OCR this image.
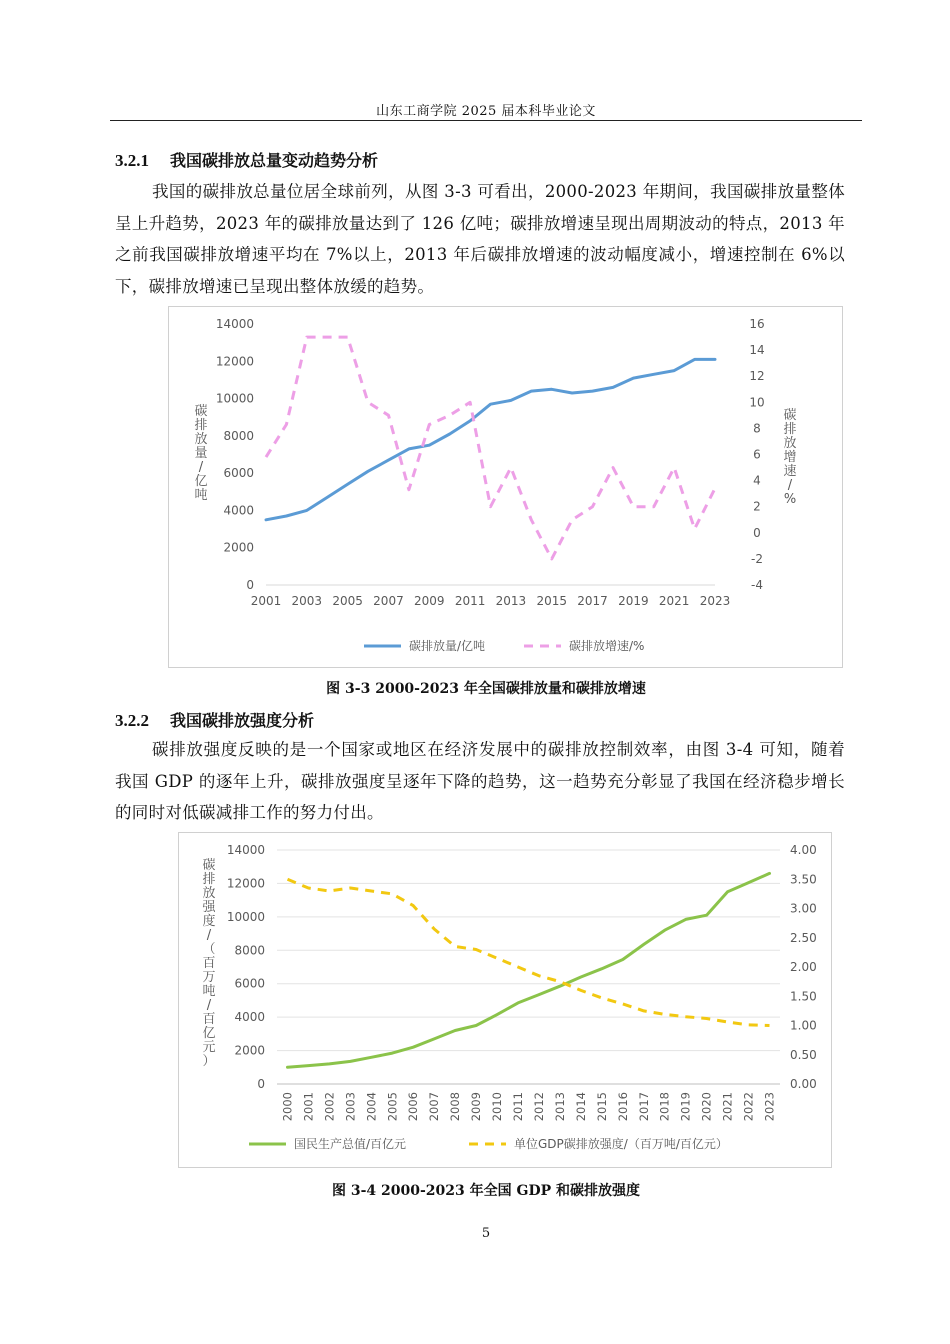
山东工商学院 2025 届本科毕业论文
3.2.1 我国碳排放总量变动趋势分析
我国的碳排放总量位居全球前列，从图 3-3 可看出，2000-2023 年期间，我国碳排放量整体呈上升趋势，2023 年的碳排放量达到了 126 亿吨；碳排放增速呈现出周期波动的特点，2013 年之前我国碳排放增速平均在 7%以上，2013 年后碳排放增速的波动幅度减小，增速控制在 6%以下，碳排放增速已呈现出整体放缓的趋势。
0
2000
4000
6000
8000
10000
12000
14000
-4
-2
0
2
4
6
8
10
12
14
16
2001 2003 2005 2007 2009 2011 2013 2015 2017 2019 2021 2023
碳
排
放
量
/
亿
吨
碳
排
放
增
速
/
%
碳排放量/亿吨	碳排放增速/%
图 3-3 2000-2023 年全国碳排放量和碳排放增速
3.2.2 我国碳排放强度分析
碳排放强度反映的是一个国家或地区在经济发展中的碳排放控制效率，由图 3-4 可知，随着我国 GDP 的逐年上升，碳排放强度呈逐年下降的趋势，这一趋势充分彰显了我国在经济稳步增长的同时对低碳减排工作的努力付出。
0
2000
4000
6000
8000
10000
12000
14000
0.00
0.50
1.00
1.50
2.00
2.50
3.00
3.50
4.00
2000 2001 2002 2003 2004 2005 2006 2007 2008 2009 2010 2011 2012 2013 2014 2015 2016 2017 2018 2019 2020 2021 2022 2023
碳
排
放
强
度
/
（
百
万
吨
/
百
亿
元
）
国民生产总值/百亿元	单位GDP碳排放强度/（百万吨/百亿元）
图 3-4 2000-2023 年全国 GDP 和碳排放强度
5
